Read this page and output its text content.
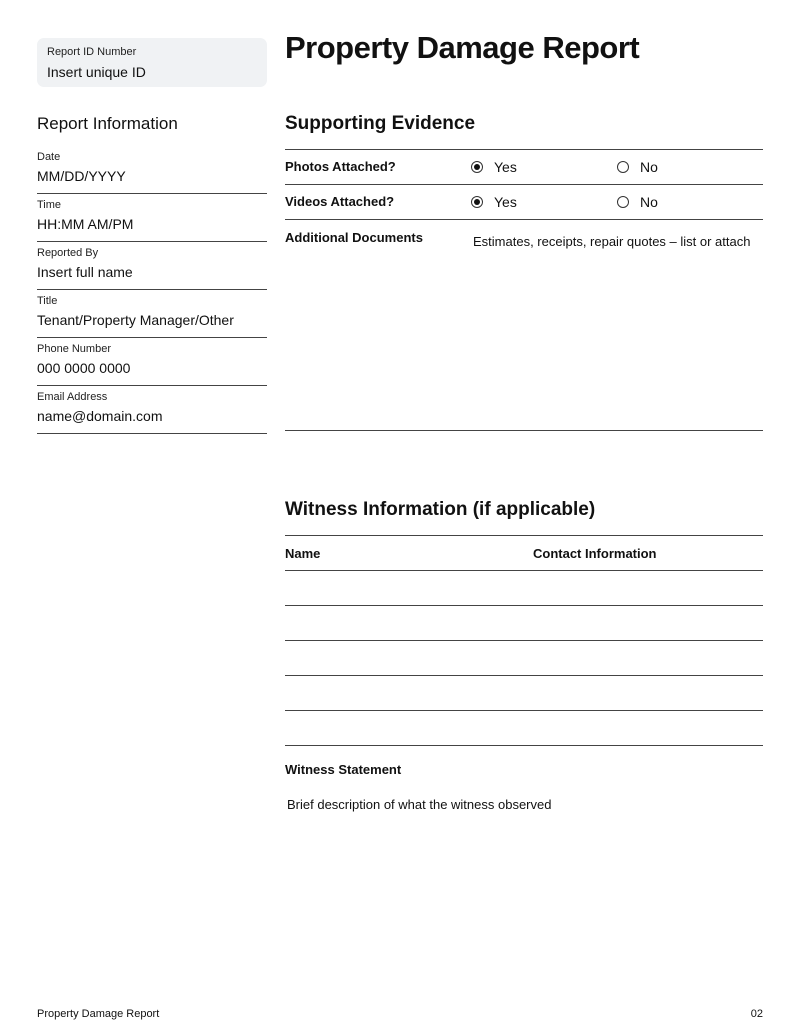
Report ID Number
Insert unique ID
Property Damage Report
Report Information
Date
MM/DD/YYYY
Time
HH:MM AM/PM
Reported By
Insert full name
Title
Tenant/Property Manager/Other
Phone Number
000 0000 0000
Email Address
name@domain.com
Supporting Evidence
Photos Attached?	Yes	No
Videos Attached?	Yes	No
Additional Documents	Estimates, receipts, repair quotes – list or attach
Witness Information (if applicable)
Name	Contact Information
Witness Statement
Brief description of what the witness observed
Property Damage Report	02
